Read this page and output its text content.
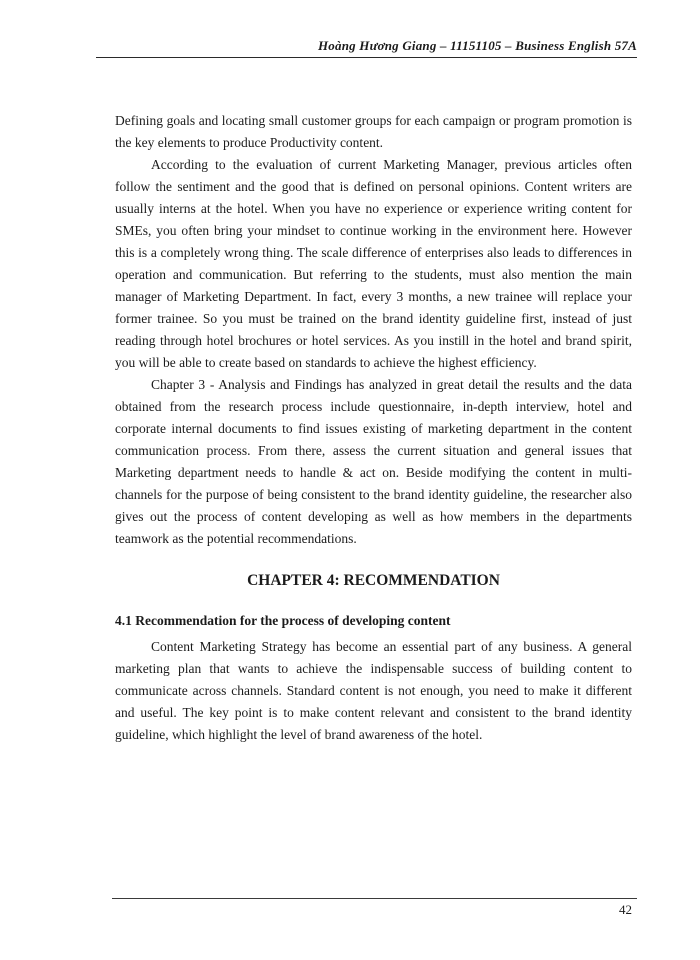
Hoàng Hương Giang – 11151105 – Business English 57A

Defining goals and locating small customer groups for each campaign or program promotion is the key elements to produce Productivity content.

According to the evaluation of current Marketing Manager, previous articles often follow the sentiment and the good that is defined on personal opinions. Content writers are usually interns at the hotel. When you have no experience or experience writing content for SMEs, you often bring your mindset to continue working in the environment here. However this is a completely wrong thing. The scale difference of enterprises also leads to differences in operation and communication. But referring to the students, must also mention the main manager of Marketing Department. In fact, every 3 months, a new trainee will replace your former trainee. So you must be trained on the brand identity guideline first, instead of just reading through hotel brochures or hotel services. As you instill in the hotel and brand spirit, you will be able to create based on standards to achieve the highest efficiency.

Chapter 3 - Analysis and Findings has analyzed in great detail the results and the data obtained from the research process include questionnaire, in-depth interview, hotel and corporate internal documents to find issues existing of marketing department in the content communication process. From there, assess the current situation and general issues that Marketing department needs to handle & act on. Beside modifying the content in multi-channels for the purpose of being consistent to the brand identity guideline, the researcher also gives out the process of content developing as well as how members in the departments teamwork as the potential recommendations.

CHAPTER 4: RECOMMENDATION
4.1 Recommendation for the process of developing content

Content Marketing Strategy has become an essential part of any business. A general marketing plan that wants to achieve the indispensable success of building content to communicate across channels. Standard content is not enough, you need to make it different and useful. The key point is to make content relevant and consistent to the brand identity guideline, which highlight the level of brand awareness of the hotel.

42
